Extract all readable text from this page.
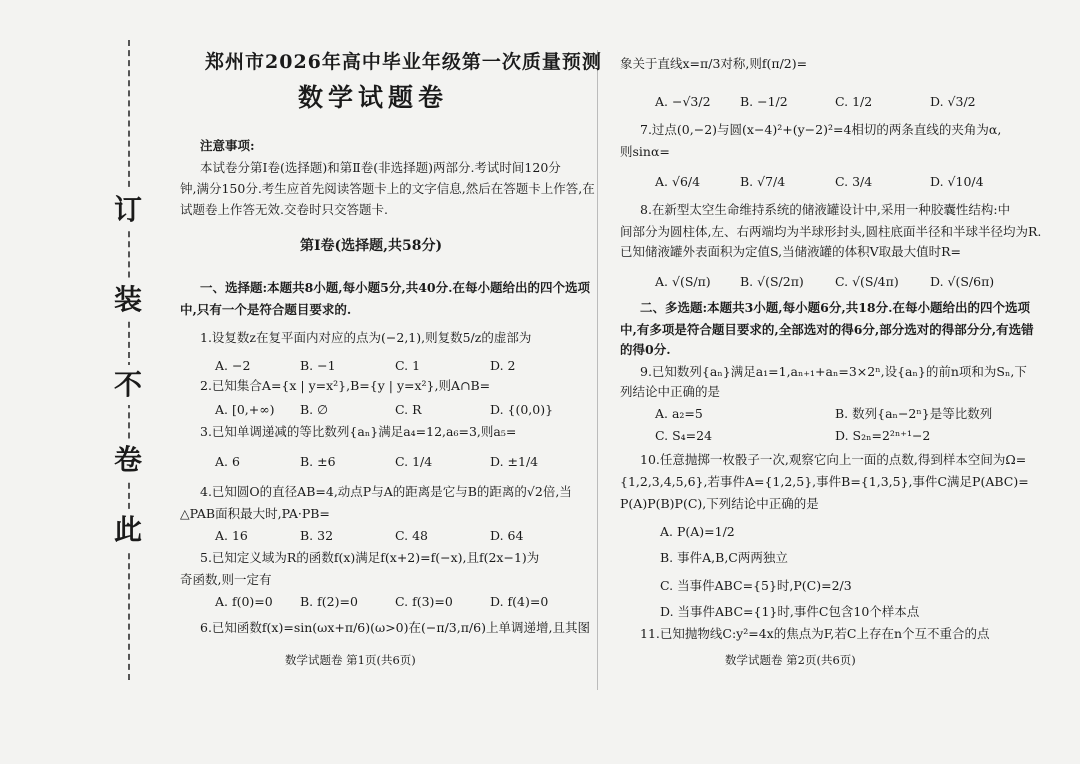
订
装
不
卷
此
郑州市2026年高中毕业年级第一次质量预测
数学试题卷
注意事项:
本试卷分第Ⅰ卷(选择题)和第Ⅱ卷(非选择题)两部分.考试时间120分
钟,满分150分.考生应首先阅读答题卡上的文字信息,然后在答题卡上作答,在
试题卷上作答无效.交卷时只交答题卡.
第Ⅰ卷(选择题,共58分)
一、选择题:本题共8小题,每小题5分,共40分.在每小题给出的四个选项
中,只有一个是符合题目要求的.
1.设复数z在复平面内对应的点为(−2,1),则复数5/z的虚部为
A. −2	B. −1	C. 1	D. 2
2.已知集合A={x | y=x²},B={y | y=x²},则A∩B=
A. [0,+∞) B. ∅	C. R	D. {(0,0)}
3.已知单调递减的等比数列{aₙ}满足a₄=12,a₆=3,则a₅=
A. 6	B. ±6	C. 1/4	D. ±1/4
4.已知圆O的直径AB=4,动点P与A的距离是它与B的距离的√2倍,当
△PAB面积最大时,PA·PB=
A. 16	B. 32	C. 48	D. 64
5.已知定义域为R的函数f(x)满足f(x+2)=f(−x),且f(2x−1)为
奇函数,则一定有
A. f(0)=0 B. f(2)=0	C. f(3)=0	D. f(4)=0
6.已知函数f(x)=sin(ωx+π/6)(ω>0)在(−π/3,π/6)上单调递增,且其图
数学试题卷 第1页(共6页)
象关于直线x=π/3对称,则f(π/2)=
A. −√3/2 B. −1/2	C. 1/2	D. √3/2
7.过点(0,−2)与圆(x−4)²+(y−2)²=4相切的两条直线的夹角为α,
则sinα=
A. √6/4	B. √7/4	C. 3/4	D. √10/4
8.在新型太空生命维持系统的储液罐设计中,采用一种胶囊性结构:中
间部分为圆柱体,左、右两端均为半球形封头,圆柱底面半径和半球半径均为R.
已知储液罐外表面积为定值S,当储液罐的体积V取最大值时R=
A. √(S/π) B. √(S/2π) C. √(S/4π)	D. √(S/6π)
二、多选题:本题共3小题,每小题6分,共18分.在每小题给出的四个选项
中,有多项是符合题目要求的,全部选对的得6分,部分选对的得部分分,有选错
的得0分.
9.已知数列{aₙ}满足a₁=1,aₙ₊₁+aₙ=3×2ⁿ,设{aₙ}的前n项和为Sₙ,下
列结论中正确的是
A. a₂=5	B. 数列{aₙ−2ⁿ}是等比数列
C. S₄=24	D. S₂ₙ=2²ⁿ⁺¹−2
10.任意抛掷一枚骰子一次,观察它向上一面的点数,得到样本空间为Ω=
{1,2,3,4,5,6},若事件A={1,2,5},事件B={1,3,5},事件C满足P(ABC)=
P(A)P(B)P(C),下列结论中正确的是
A. P(A)=1/2
B. 事件A,B,C两两独立
C. 当事件ABC={5}时,P(C)=2/3
D. 当事件ABC={1}时,事件C包含10个样本点
11.已知抛物线C:y²=4x的焦点为F,若C上存在n个互不重合的点
数学试题卷 第2页(共6页)
